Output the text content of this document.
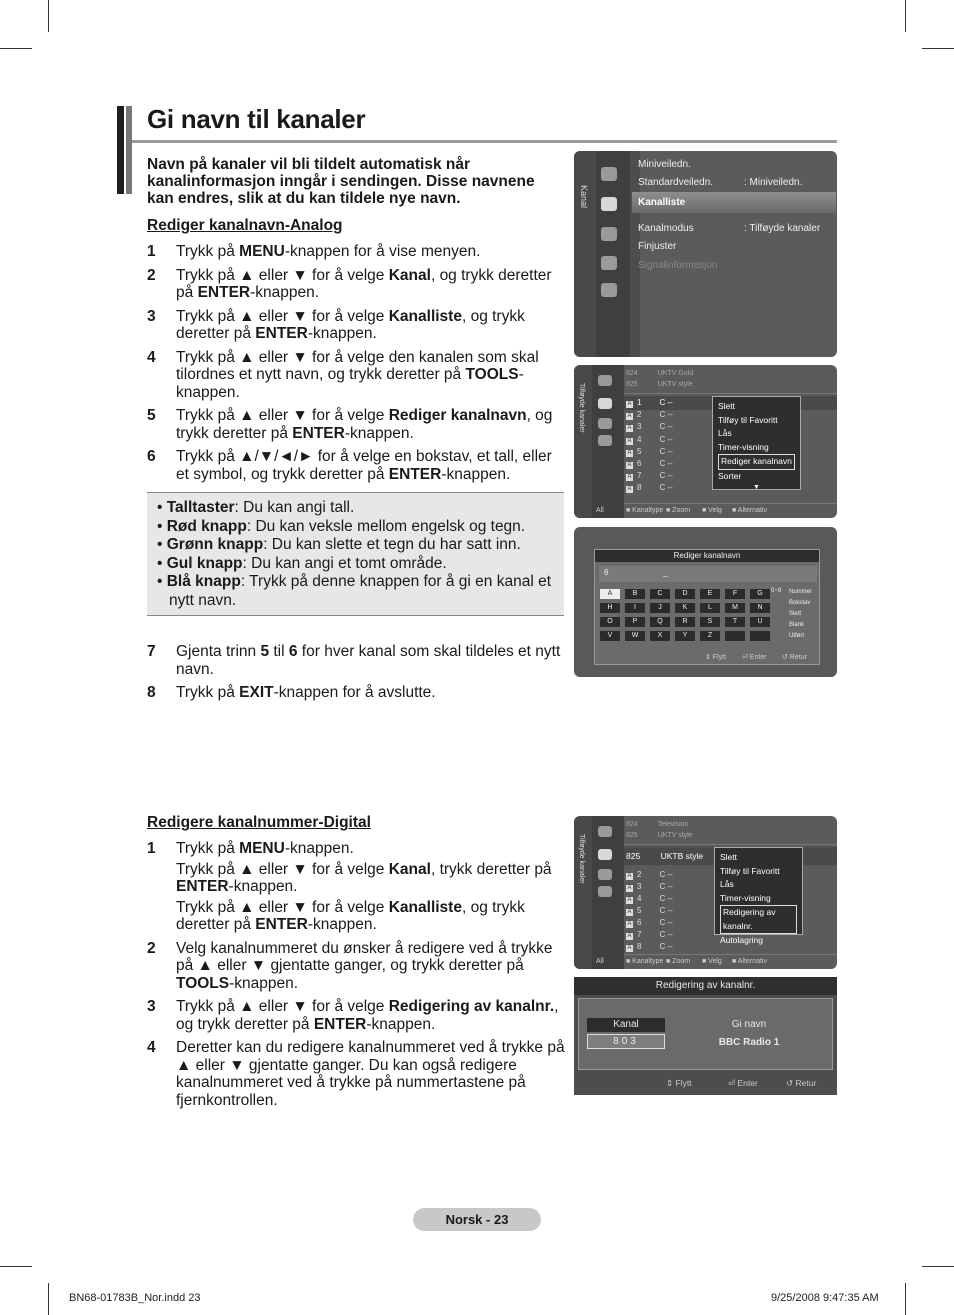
Gi navn til kanaler
Navn på kanaler vil bli tildelt automatisk når kanalinformasjon inngår i sendingen. Disse navnene kan endres, slik at du kan tildele nye navn.
Rediger kanalnavn-Analog
1	Trykk på MENU-knappen for å vise menyen.

2	Trykk på ▲ eller ▼ for å velge Kanal, og trykk deretter på ENTER-knappen.

3	Trykk på ▲ eller ▼ for å velge Kanalliste, og trykk deretter på ENTER-knappen.

4	Trykk på ▲ eller ▼ for å velge den kanalen som skal tilordnes et nytt navn, og trykk deretter på TOOLS-knappen.

5	Trykk på ▲ eller ▼ for å velge Rediger kanalnavn, og trykk deretter på ENTER-knappen.

6	Trykk på ▲/▼/◄/► for å velge en bokstav, et tall, eller et symbol, og trykk deretter på ENTER-knappen.

• Talltaster: Du kan angi tall.
• Rød knapp: Du kan veksle mellom engelsk og tegn.
• Grønn knapp: Du kan slette et tegn du har satt inn.
• Gul knapp: Du kan angi et tomt område.
• Blå knapp: Trykk på denne knappen for å gi en kanal et nytt navn.
7	Gjenta trinn 5 til 6 for hver kanal som skal tildeles et nytt navn.

8	Trykk på EXIT-knappen for å avslutte.

Redigere kanalnummer-Digital
1	Trykk på MENU-knappen.

Trykk på ▲ eller ▼ for å velge Kanal, trykk deretter på ENTER-knappen.

Trykk på ▲ eller ▼ for å velge Kanalliste, og trykk deretter på ENTER-knappen.

2	Velg kanalnummeret du ønsker å redigere ved å trykke på ▲ eller ▼ gjentatte ganger, og trykk deretter på TOOLS-knappen.

3	Trykk på ▲ eller ▼ for å velge Redigering av kanalnr., og trykk deretter på ENTER-knappen.

4	Deretter kan du redigere kanalnummeret ved å trykke på ▲ eller ▼ gjentatte ganger. Du kan også redigere kanalnummeret ved å trykke på nummertastene på fjernkontrollen.

Kanal
Miniveiledn.
Standardveiledn.	: Miniveiledn.
Kanalliste
Kanalmodus	: Tilføyde kanaler
Finjuster
Signalinformasjon
Tilføyde kanaler	Slett
Tilføy til Favoritt
Lås
Timer-visning
Rediger kanalnavn
Sorter
▼
824	UKTV Gold
825	UKTV style
A 1 C --
A 2 C --
A 3 C --
A 4 C --
A 5 C --
A 6 C --
A 7 C --
A 8 C --
All	■ Kanaltype ■ Zoom ■ Velg ■ Alternativ
Rediger kanalnavn
6	_
A	B	C	D	E	F	G
H	I	J	K	L	M	N
O	P	Q	R	S	T	U
V	W	X	Y	Z
0~9 Nummer
Bokstav
Slett
Blank
Utført
⇕ Flytt ⏎ Enter ↺ Retur
Tilføyde kanaler	825 UKTB style Slett
Tilføy til Favoritt
Lås
Timer-visning
Redigering av kanalnr.
Autolagring
824	Television
825	UKTV style
A 2 C --
A 3 C --
A 4 C --
A 5 C --
A 6 C --
A 7 C --
A 8 C --
All	■ Kanaltype ■ Zoom ■ Velg ■ Alternativ
Redigering av kanalnr.
Kanal
803
Gi navn
BBC Radio 1
⇕ Flytt	⏎ Enter	↺ Retur
Norsk - 23
BN68-01783B_Nor.indd 23	9/25/2008 9:47:35 AM
